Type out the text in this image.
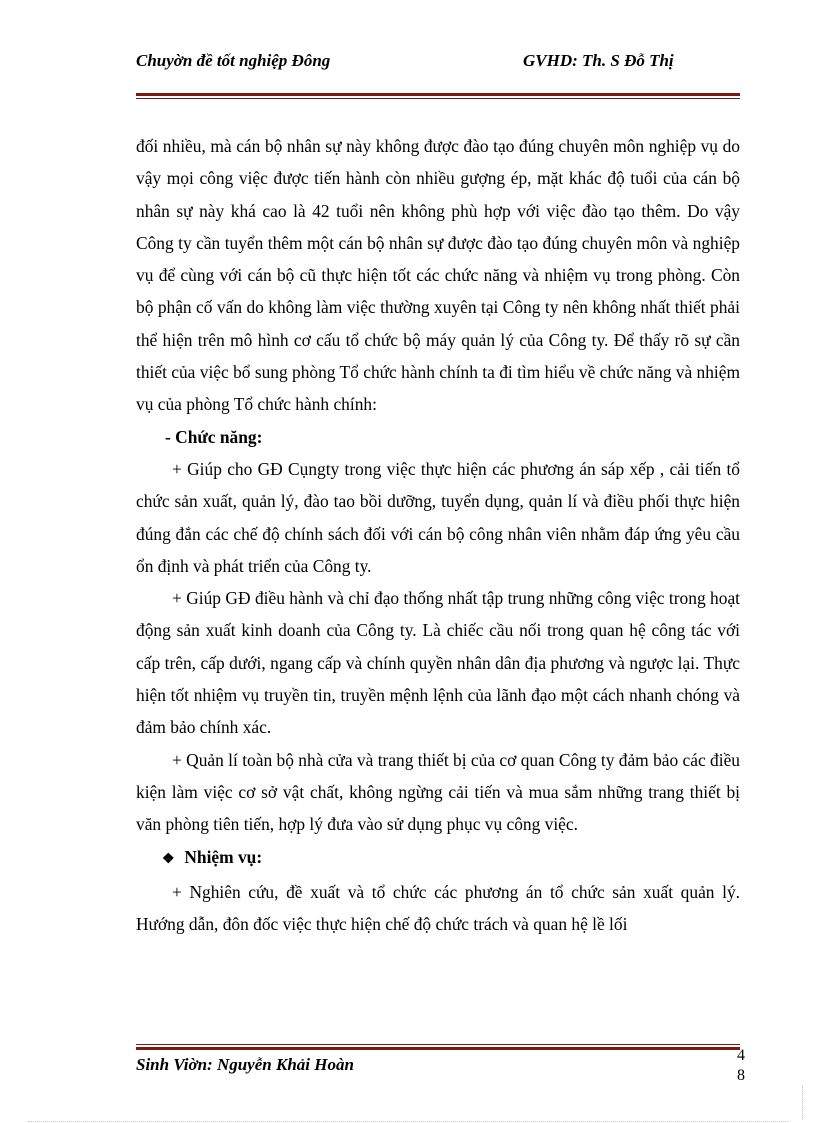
Chuyờn đề tốt nghiệp Đông	GVHD: Th. S Đỗ Thị

đối nhiều, mà cán bộ nhân sự này không được đào tạo đúng chuyên môn nghiệp vụ do vậy mọi công việc được tiến hành còn nhiều gượng ép, mặt khác độ tuổi của cán bộ nhân sự này khá cao là 42 tuổi nên không phù hợp với việc đào tạo thêm. Do vậy Công ty cần tuyển thêm một cán bộ nhân sự được đào tạo đúng chuyên môn và nghiệp vụ để cùng với cán bộ cũ thực hiện tốt các chức năng và nhiệm vụ trong phòng. Còn bộ phận cố vấn do không làm việc thường xuyên tại Công ty nên không nhất thiết phải thể hiện trên mô hình cơ cấu tổ chức bộ máy quản lý của Công ty. Để thấy rõ sự cần thiết của việc bổ sung phòng Tổ chức hành chính ta đi tìm hiểu về chức năng và nhiệm vụ của phòng Tổ chức hành chính:

- Chức năng:

+ Giúp cho GĐ Cụngty trong việc thực hiện các phương án sáp xếp , cải tiến tổ chức sản xuất, quản lý, đào tao bồi dưỡng, tuyển dụng, quản lí và điều phối thực hiện đúng đắn các chế độ chính sách đối với cán bộ công nhân viên nhằm đáp ứng yêu cầu ổn định và phát triển của Công ty.

+ Giúp GĐ điều hành và chỉ đạo thống nhất tập trung những công việc trong hoạt động sản xuất kinh doanh của Công ty. Là chiếc cầu nối trong quan hệ công tác với cấp trên, cấp dưới, ngang cấp và chính quyền nhân dân địa phương và ngược lại. Thực hiện tốt nhiệm vụ truyền tin, truyền mệnh lệnh của lãnh đạo một cách nhanh chóng và đảm bảo chính xác.

+ Quản lí toàn bộ nhà cửa và trang thiết bị của cơ quan Công ty đảm bảo các điều kiện làm việc cơ sở vật chất, không ngừng cải tiến và mua sắm những trang thiết bị văn phòng tiên tiến, hợp lý đưa vào sử dụng phục vụ công việc.

❖ Nhiệm vụ:

+ Nghiên cứu, đề xuất và tổ chức các phương án tổ chức sản xuất quản lý. Hướng dẫn, đôn đốc việc thực hiện chế độ chức trách và quan hệ lề lối

Sinh Viờn: Nguyễn Khải Hoàn	4
8
